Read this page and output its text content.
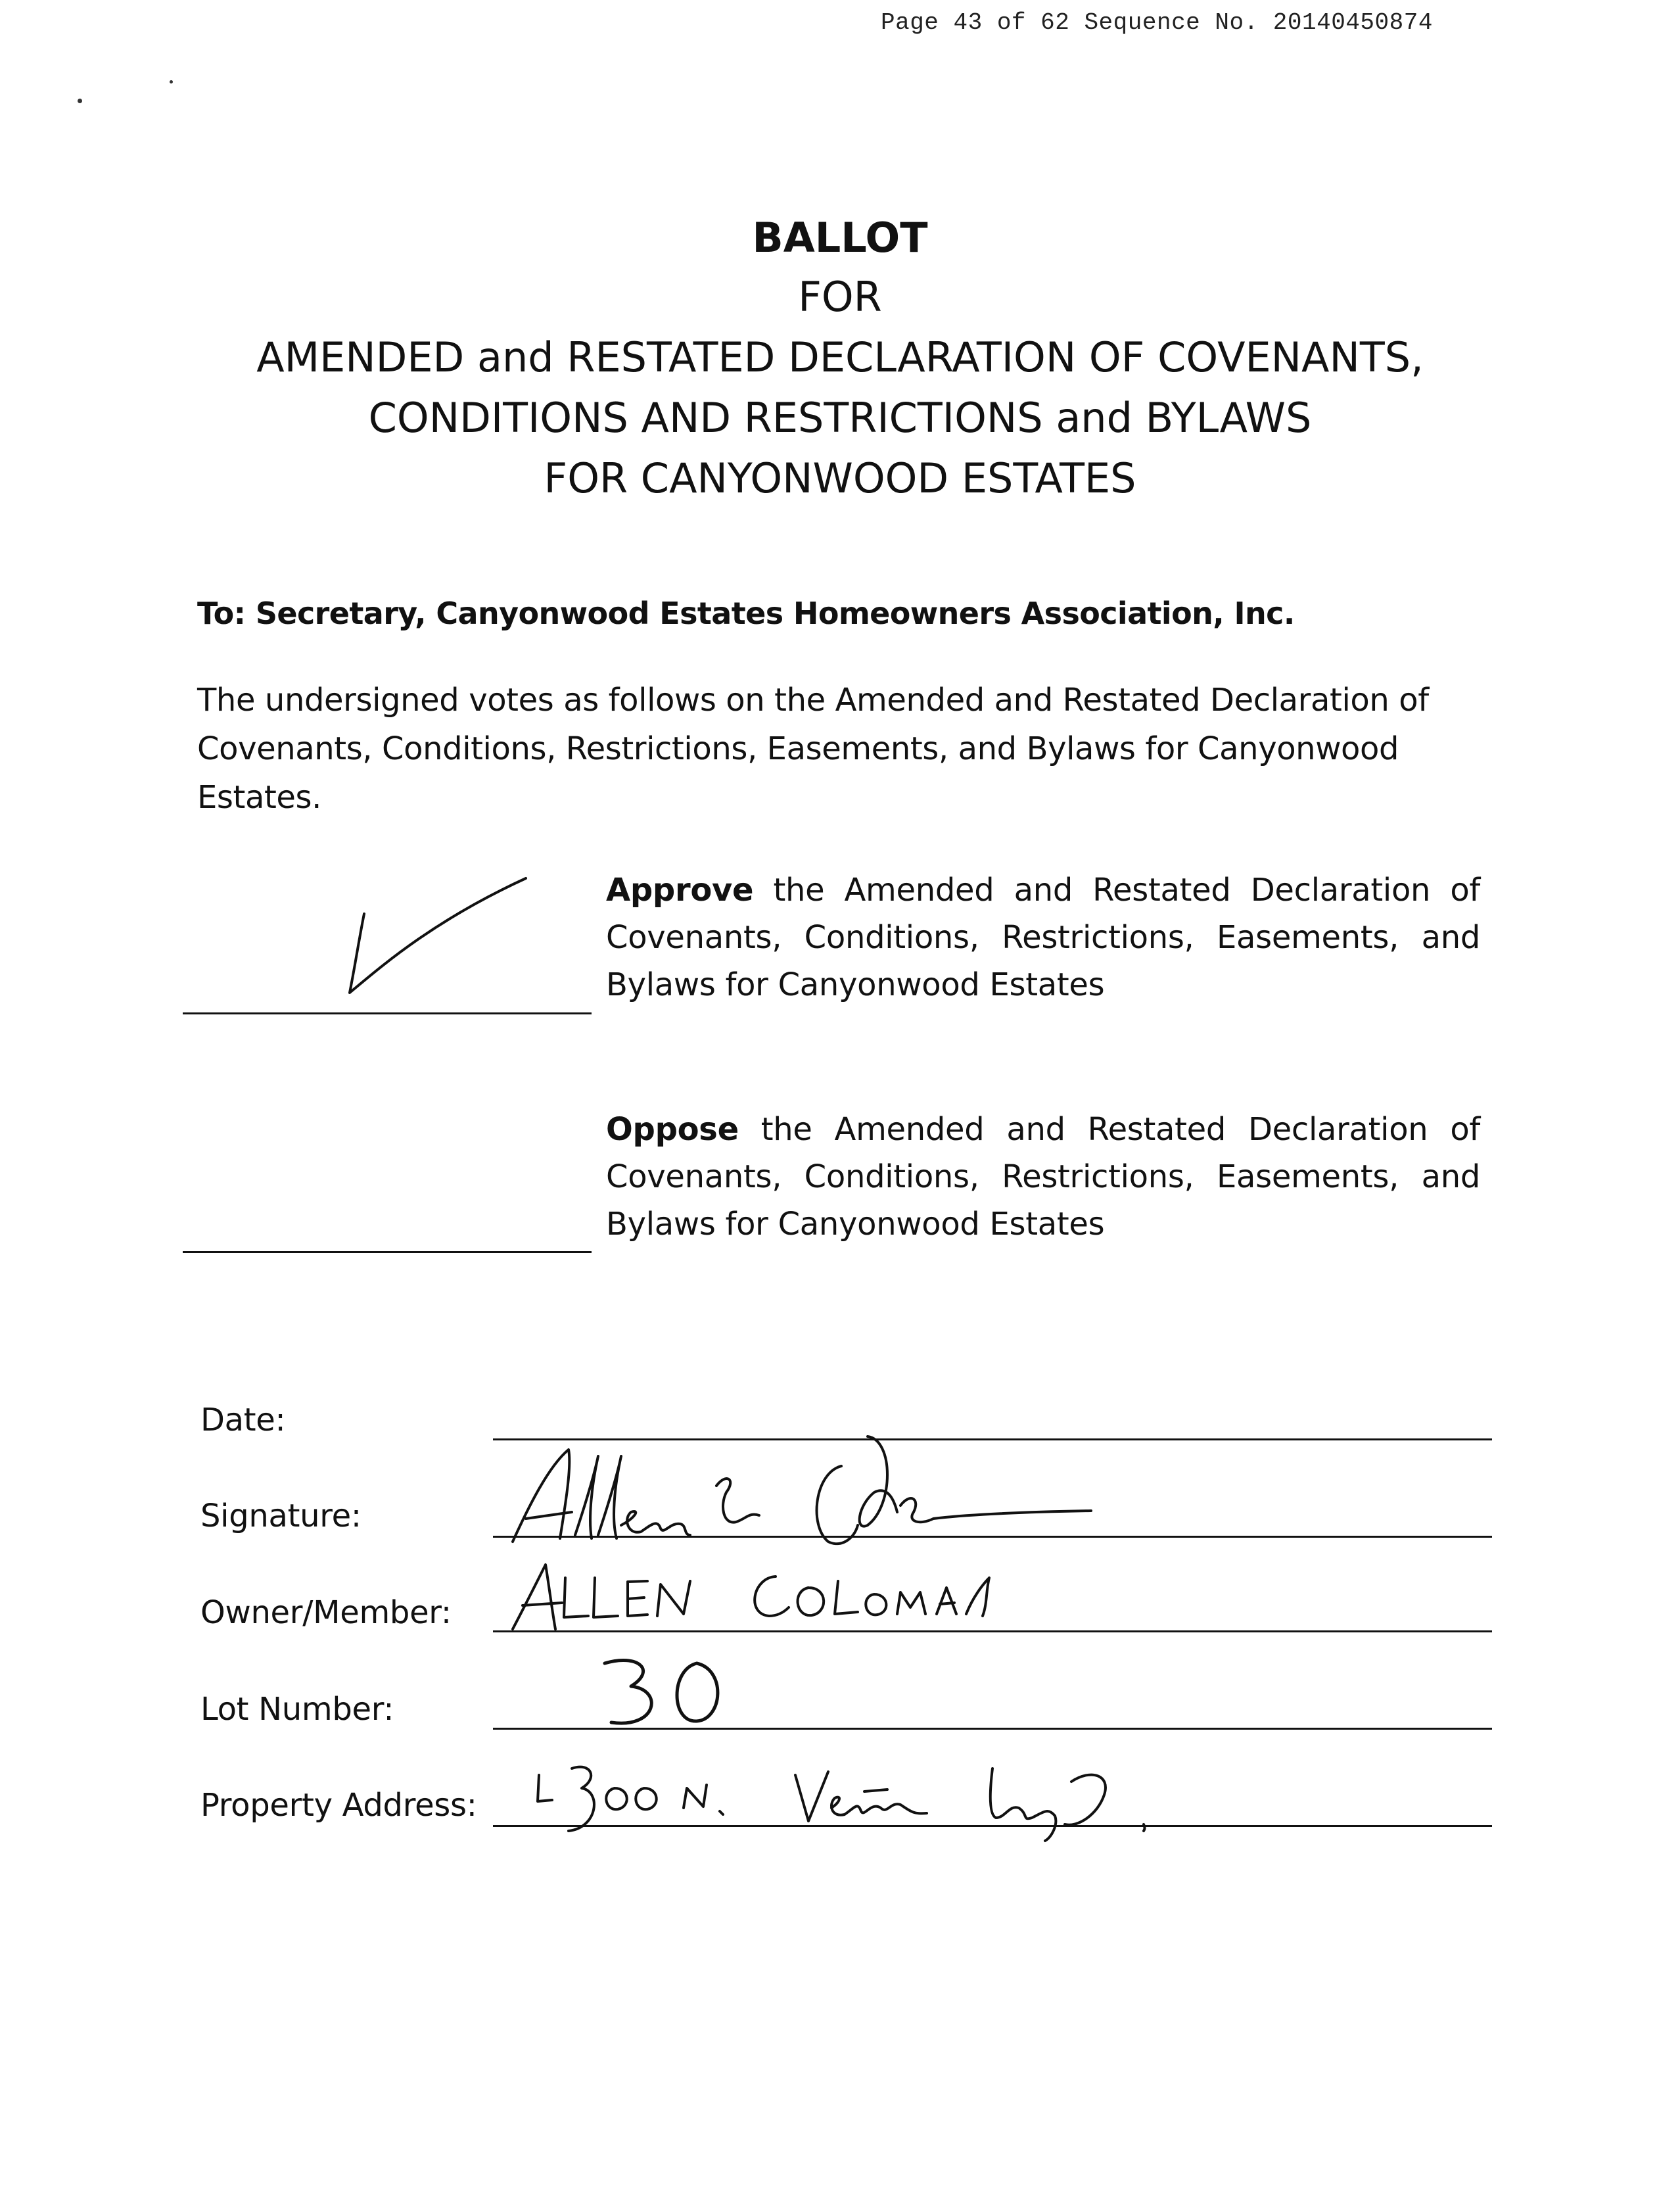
Page 43 of 62 Sequence No. 20140450874
BALLOT
FOR
AMENDED and RESTATED DECLARATION OF COVENANTS,
CONDITIONS AND RESTRICTIONS and BYLAWS
FOR CANYONWOOD ESTATES
To: Secretary, Canyonwood Estates Homeowners Association, Inc.
The undersigned votes as follows on the Amended and Restated Declaration of Covenants, Conditions, Restrictions, Easements, and Bylaws for Canyonwood Estates.
Approve the Amended and Restated Declaration of Covenants, Conditions, Restrictions, Easements, and Bylaws for Canyonwood Estates
Oppose the Amended and Restated Declaration of Covenants, Conditions, Restrictions, Easements, and Bylaws for Canyonwood Estates
Date:
Signature:
Owner/Member:
Lot Number:
Property Address:
